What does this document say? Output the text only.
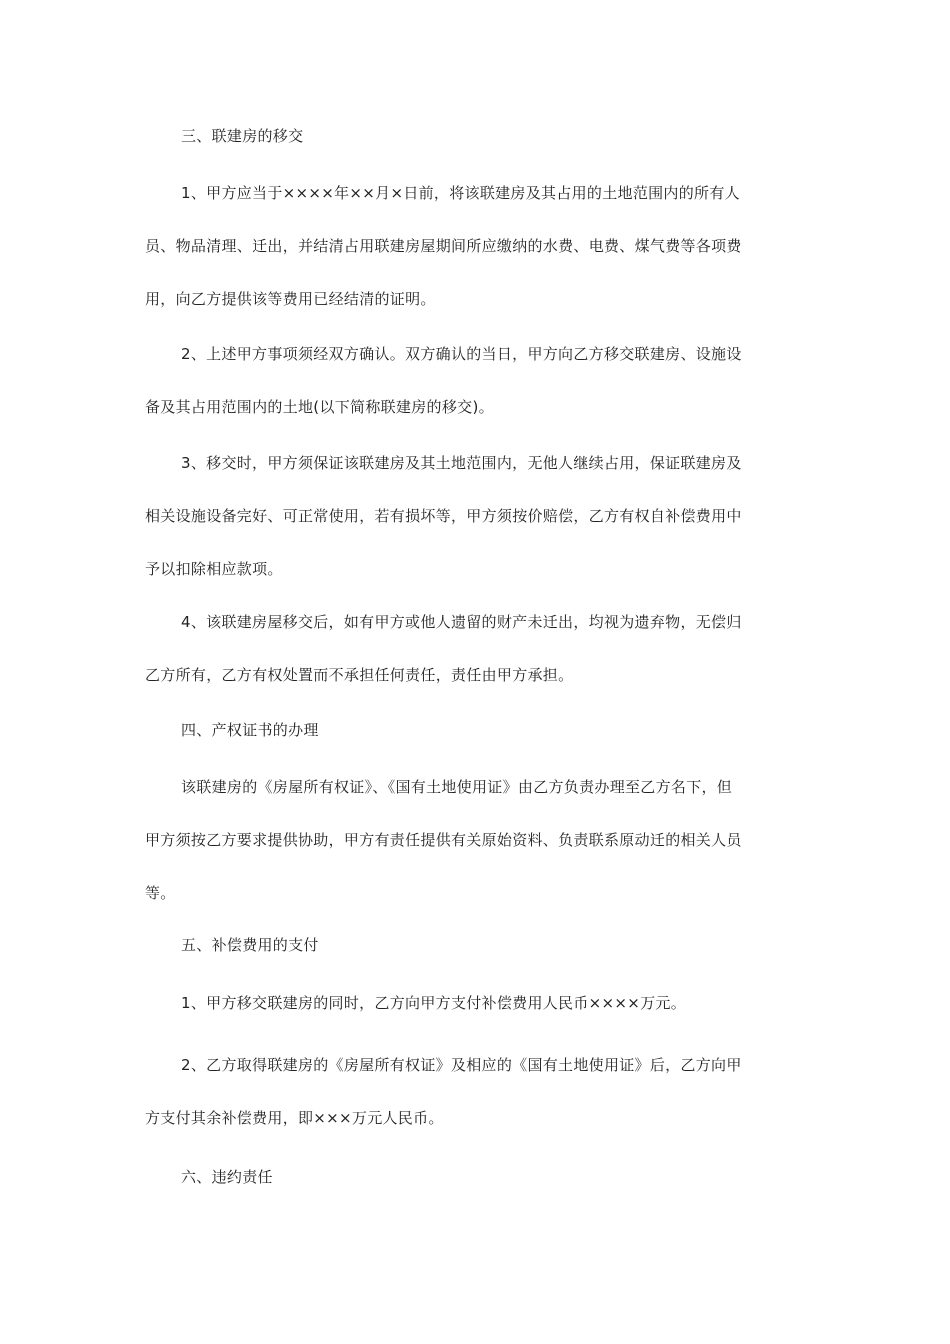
三、联建房的移交

1、甲方应当于××××年××月×日前，将该联建房及其占用的土地范围内的所有人
员、物品清理、迁出，并结清占用联建房屋期间所应缴纳的水费、电费、煤气费等各项费
用，向乙方提供该等费用已经结清的证明。
2、上述甲方事项须经双方确认。双方确认的当日，甲方向乙方移交联建房、设施设
备及其占用范围内的土地(以下简称联建房的移交)。
3、移交时，甲方须保证该联建房及其土地范围内，无他人继续占用，保证联建房及
相关设施设备完好、可正常使用，若有损坏等，甲方须按价赔偿，乙方有权自补偿费用中
予以扣除相应款项。
4、该联建房屋移交后，如有甲方或他人遗留的财产未迁出，均视为遗弃物，无偿归
乙方所有，乙方有权处置而不承担任何责任，责任由甲方承担。

四、产权证书的办理

该联建房的《房屋所有权证》、《国有土地使用证》由乙方负责办理至乙方名下，但
甲方须按乙方要求提供协助，甲方有责任提供有关原始资料、负责联系原动迁的相关人员
等。

五、补偿费用的支付

1、甲方移交联建房的同时，乙方向甲方支付补偿费用人民币××××万元。
2、乙方取得联建房的《房屋所有权证》及相应的《国有土地使用证》后，乙方向甲
方支付其余补偿费用，即×××万元人民币。

六、违约责任
